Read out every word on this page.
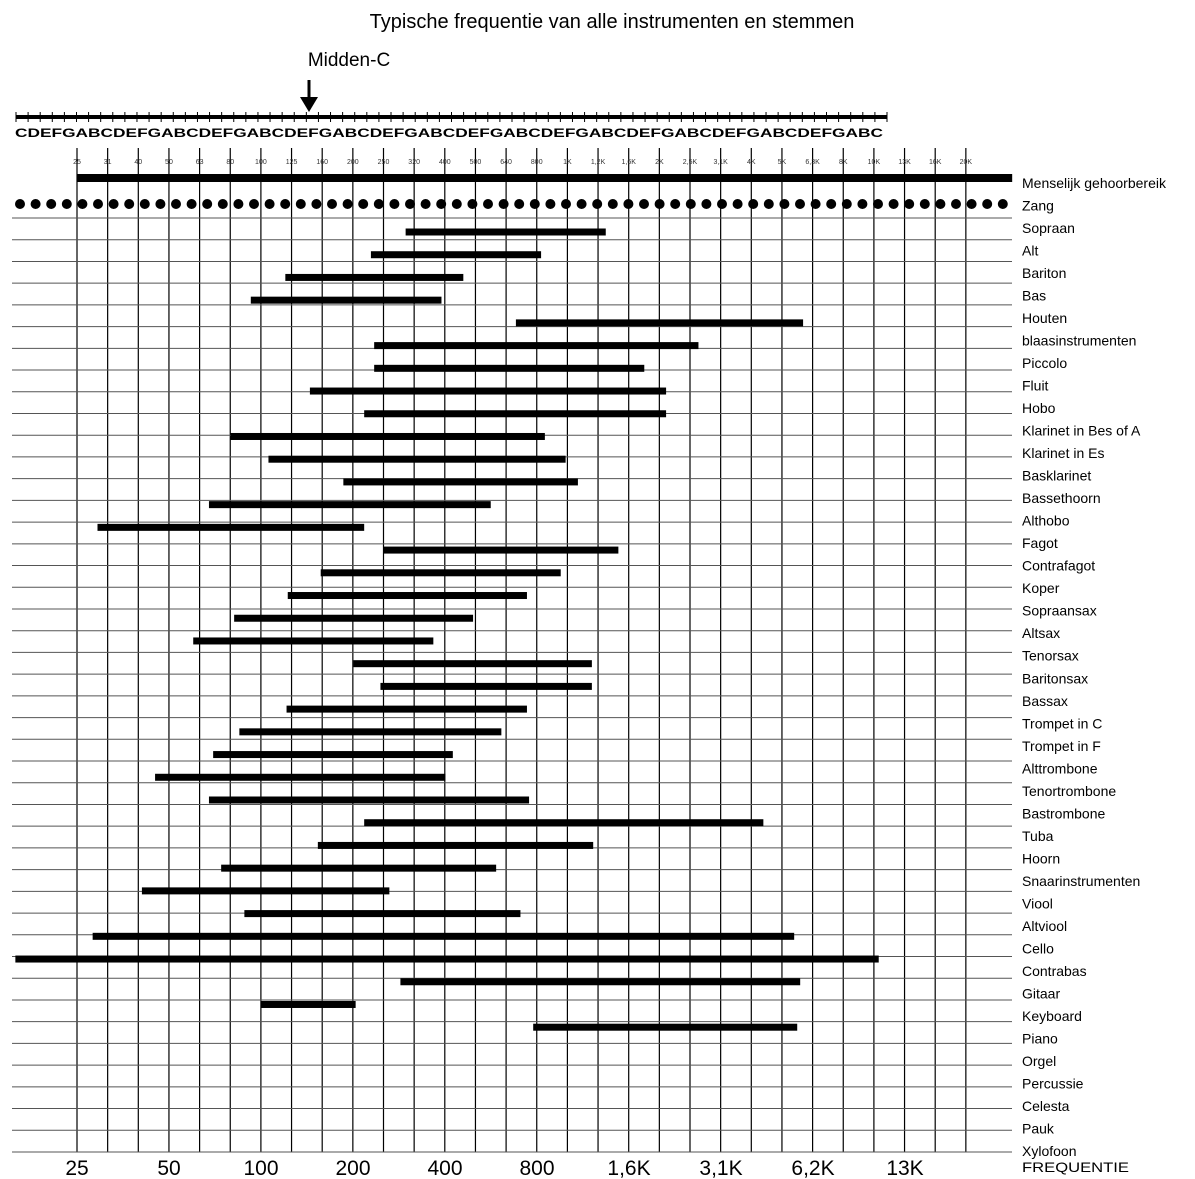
Typische frequentie van alle instrumenten en stemmen
Midden-C
CDEFGABCDEFGABCDEFGABCDEFGABCDEFGABCDEFGABCDEFGABCDEFGABCDEFGABCDEFGABC
25	31	40	50	63	80	100	125	160	200	250	320	400	500	640	800	1K	1,2K 1,6K	2K	2,5K 3,1K	4K	5K	6,3K	8K	10K	13K	16K	20K
Menselijk gehoorbereik
Zang
Sopraan
Alt
Bariton
Bas
Houten
blaasinstrumenten
Piccolo
Fluit
Hobo
Klarinet in Bes of A
Klarinet in Es
Basklarinet
Bassethoorn
Althobo
Fagot
Contrafagot
Koper
Sopraansax
Altsax
Tenorsax
Baritonsax
Bassax
Trompet in C
Trompet in F
Alttrombone
Tenortrombone
Bastrombone
Tuba
Hoorn
Snaarinstrumenten
Viool
Altviool
Cello
Contrabas
Gitaar
Keyboard
Piano
Orgel
Percussie
Celesta
Pauk
Xylofoon
25	50	100	200	400	800	1,6K 3,1K 6,2K 13K	FREQUENTIE
